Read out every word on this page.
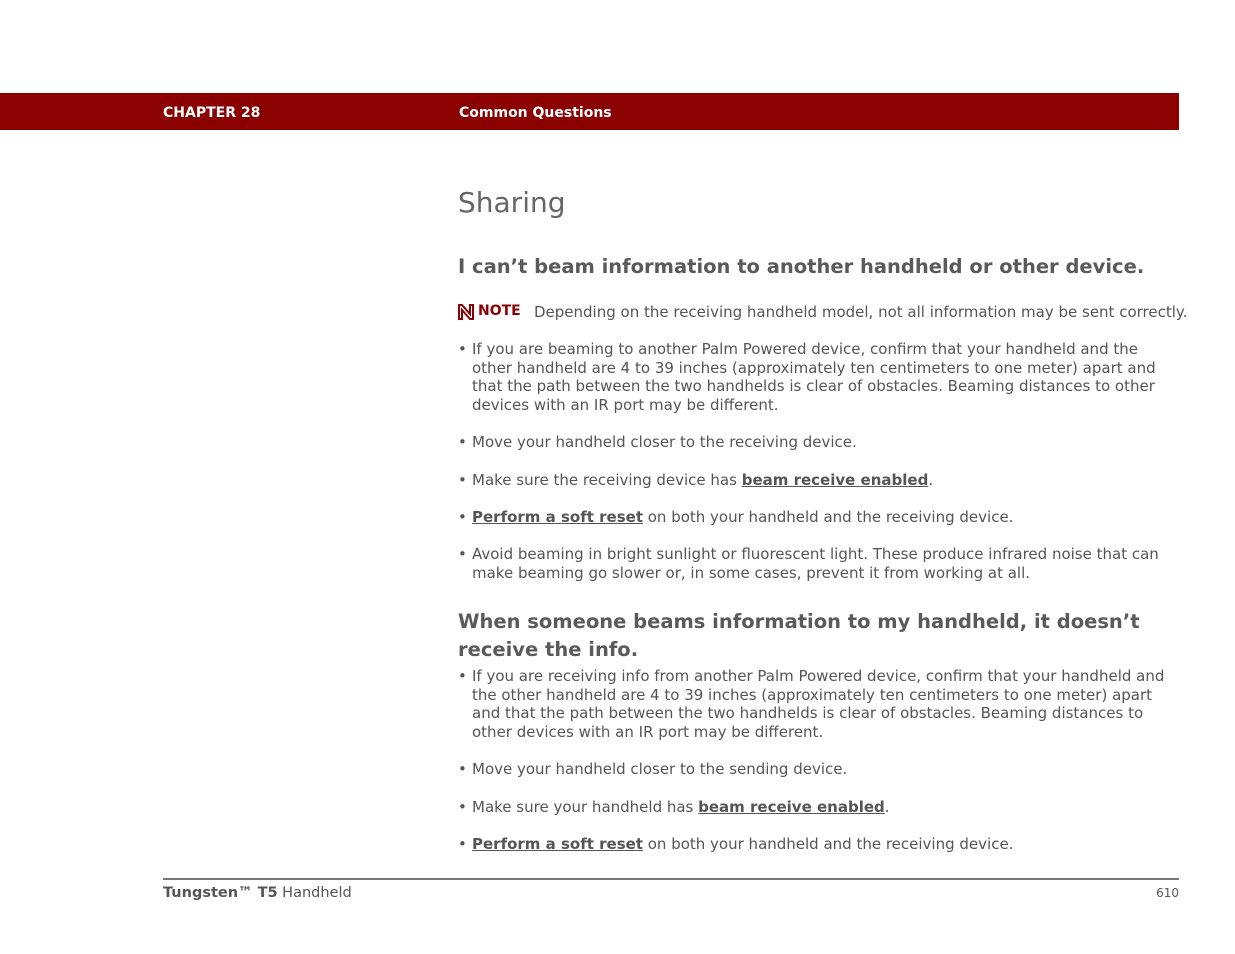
CHAPTER 28	Common Questions
Sharing
I can’t beam information to another handheld or other device.
NOTE Depending on the receiving handheld model, not all information may be sent correctly.
• If you are beaming to another Palm Powered device, confirm that your handheld and the other handheld are 4 to 39 inches (approximately ten centimeters to one meter) apart and that the path between the two handhelds is clear of obstacles. Beaming distances to other devices with an IR port may be different.
• Move your handheld closer to the receiving device.
• Make sure the receiving device has beam receive enabled.
• Perform a soft reset on both your handheld and the receiving device.
• Avoid beaming in bright sunlight or fluorescent light. These produce infrared noise that can make beaming go slower or, in some cases, prevent it from working at all.
When someone beams information to my handheld, it doesn’t receive the info.
• If you are receiving info from another Palm Powered device, confirm that your handheld and the other handheld are 4 to 39 inches (approximately ten centimeters to one meter) apart and that the path between the two handhelds is clear of obstacles. Beaming distances to other devices with an IR port may be different.
• Move your handheld closer to the sending device.
• Make sure your handheld has beam receive enabled.
• Perform a soft reset on both your handheld and the receiving device.
Tungsten™ T5 Handheld	610
